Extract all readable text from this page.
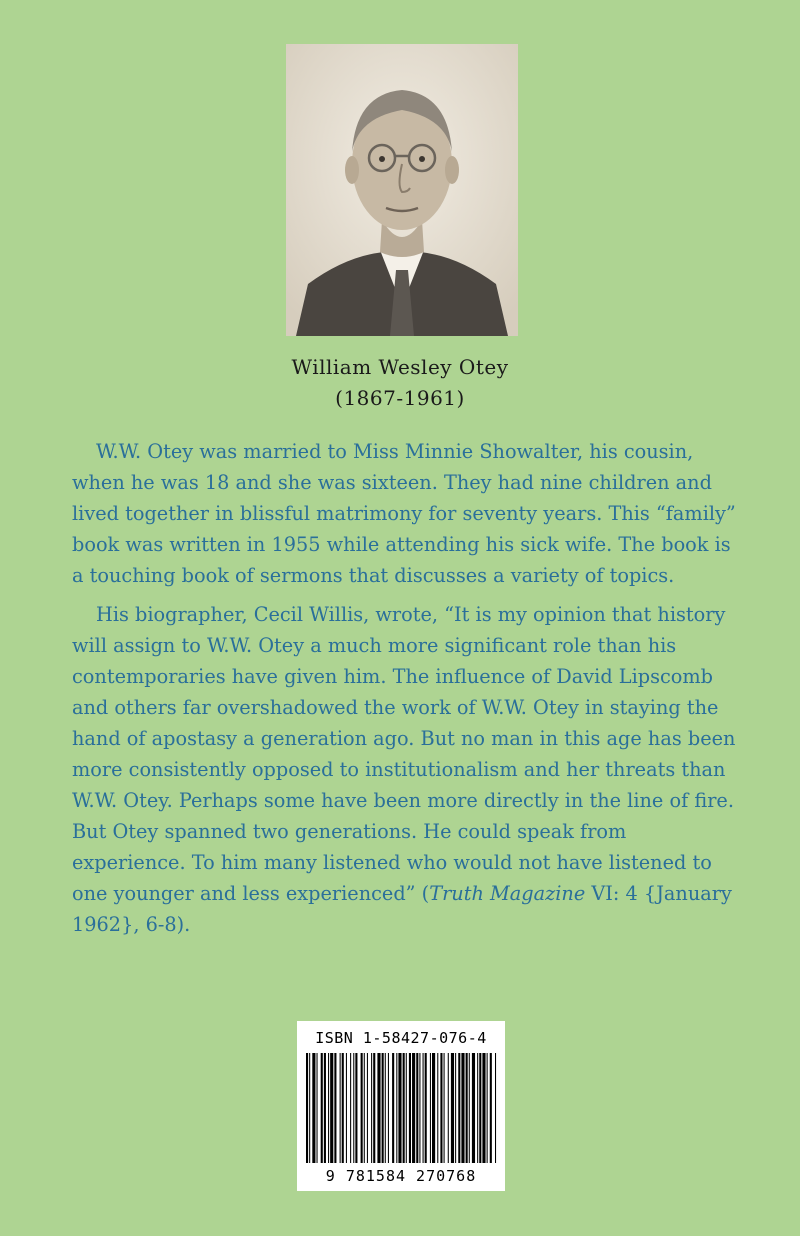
William Wesley Otey
(1867-1961)

W.W. Otey was married to Miss Minnie Showalter, his cousin, when he was 18 and she was sixteen. They had nine children and lived together in blissful matrimony for seventy years. This “family” book was written in 1955 while attending his sick wife. The book is a touching book of sermons that discusses a variety of topics.

His biographer, Cecil Willis, wrote, “It is my opinion that history will assign to W.W. Otey a much more significant role than his contemporaries have given him. The influence of David Lipscomb and others far overshadowed the work of W.W. Otey in staying the hand of apostasy a generation ago. But no man in this age has been more consistently opposed to institutionalism and her threats than W.W. Otey. Perhaps some have been more directly in the line of fire. But Otey spanned two generations. He could speak from experience. To him many listened who would not have listened to one younger and less experienced” (Truth Magazine VI: 4 {January 1962}, 6-8).

ISBN 1-58427-076-4
9 781584 270768
